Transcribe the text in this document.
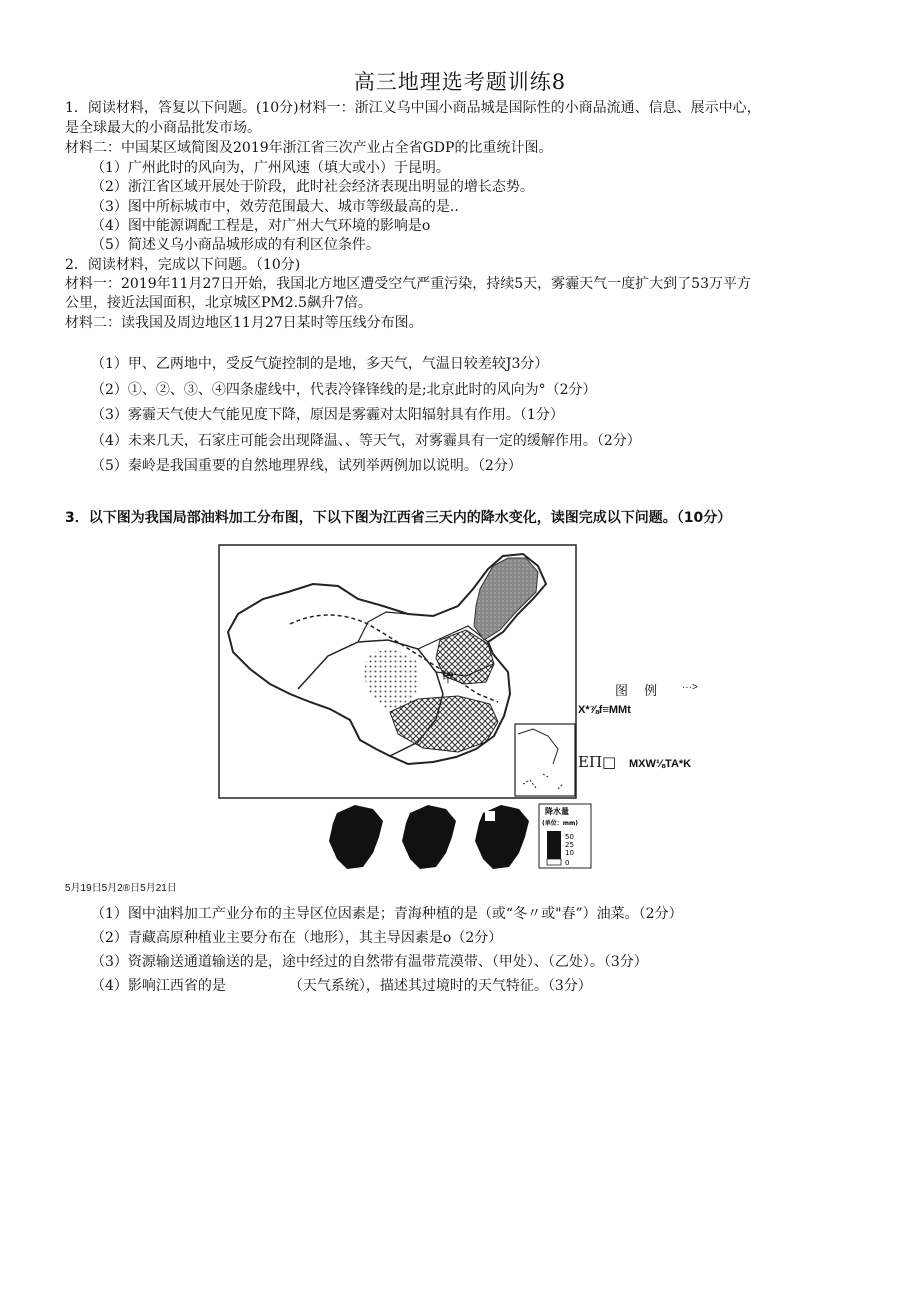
高三地理选考题训练8
1．阅读材料，答复以下问题。(10分)材料一：浙江义乌中国小商品城是国际性的小商品流通、信息、展示中心，
是全球最大的小商品批发市场。
材料二：中国某区域简图及2019年浙江省三次产业占全省GDP的比重统计图。
（1）广州此时的风向为，广州风速（填大或小）于昆明。
（2）浙江省区域开展处于阶段，此时社会经济表现出明显的增长态势。
（3）图中所标城市中，效劳范围最大、城市等级最高的是..
（4）图中能源调配工程是，对广州大气环境的影响是o
（5）简述义乌小商品城形成的有利区位条件。
2．阅读材料，完成以下问题。（10分)
材料一：2019年11月27日开始，我国北方地区遭受空气严重污染，持续5天，雾霾天气一度扩大到了53万平方
公里，接近法国面积，北京城区PM2.5飙升7倍。
材料二：读我国及周边地区11月27日某时等压线分布图。
（1）甲、乙两地中，受反气旋控制的是地，多天气，气温日较差较J3分）
（2）①、②、③、④四条虚线中，代表冷锋锋线的是;北京此时的风向为°（2分）
（3）雾霾天气使大气能见度下降，原因是雾霾对太阳辐射具有作用。（1分）
（4）未来几天，石家庄可能会出现降温、、等天气，对雾霾具有一定的缓解作用。（2分）
（5）秦岭是我国重要的自然地理界线，试列举两例加以说明。（2分）
3．以下图为我国局部油料加工分布图，下以下图为江西省三天内的降水变化，读图完成以下问题。（10分）
甲
图 例 ···>
X*⅞f≡MMt
EΠ□ MXW⅛TA*K
降水量
(单位：mm)
50
25
10
0
5月19日5月2®日5月21日
（1）图中油料加工产业分布的主导区位因素是；青海种植的是（或“冬〃或"春”）油菜。（2分）
（2）青藏高原种植业主要分布在（地形），其主导因素是o（2分）
（3）资源输送通道输送的是，途中经过的自然带有温带荒漠带、（甲处）、（乙处）。（3分）
（4）影响江西省的是　　　　　（天气系统），描述其过境时的天气特征。（3分）
